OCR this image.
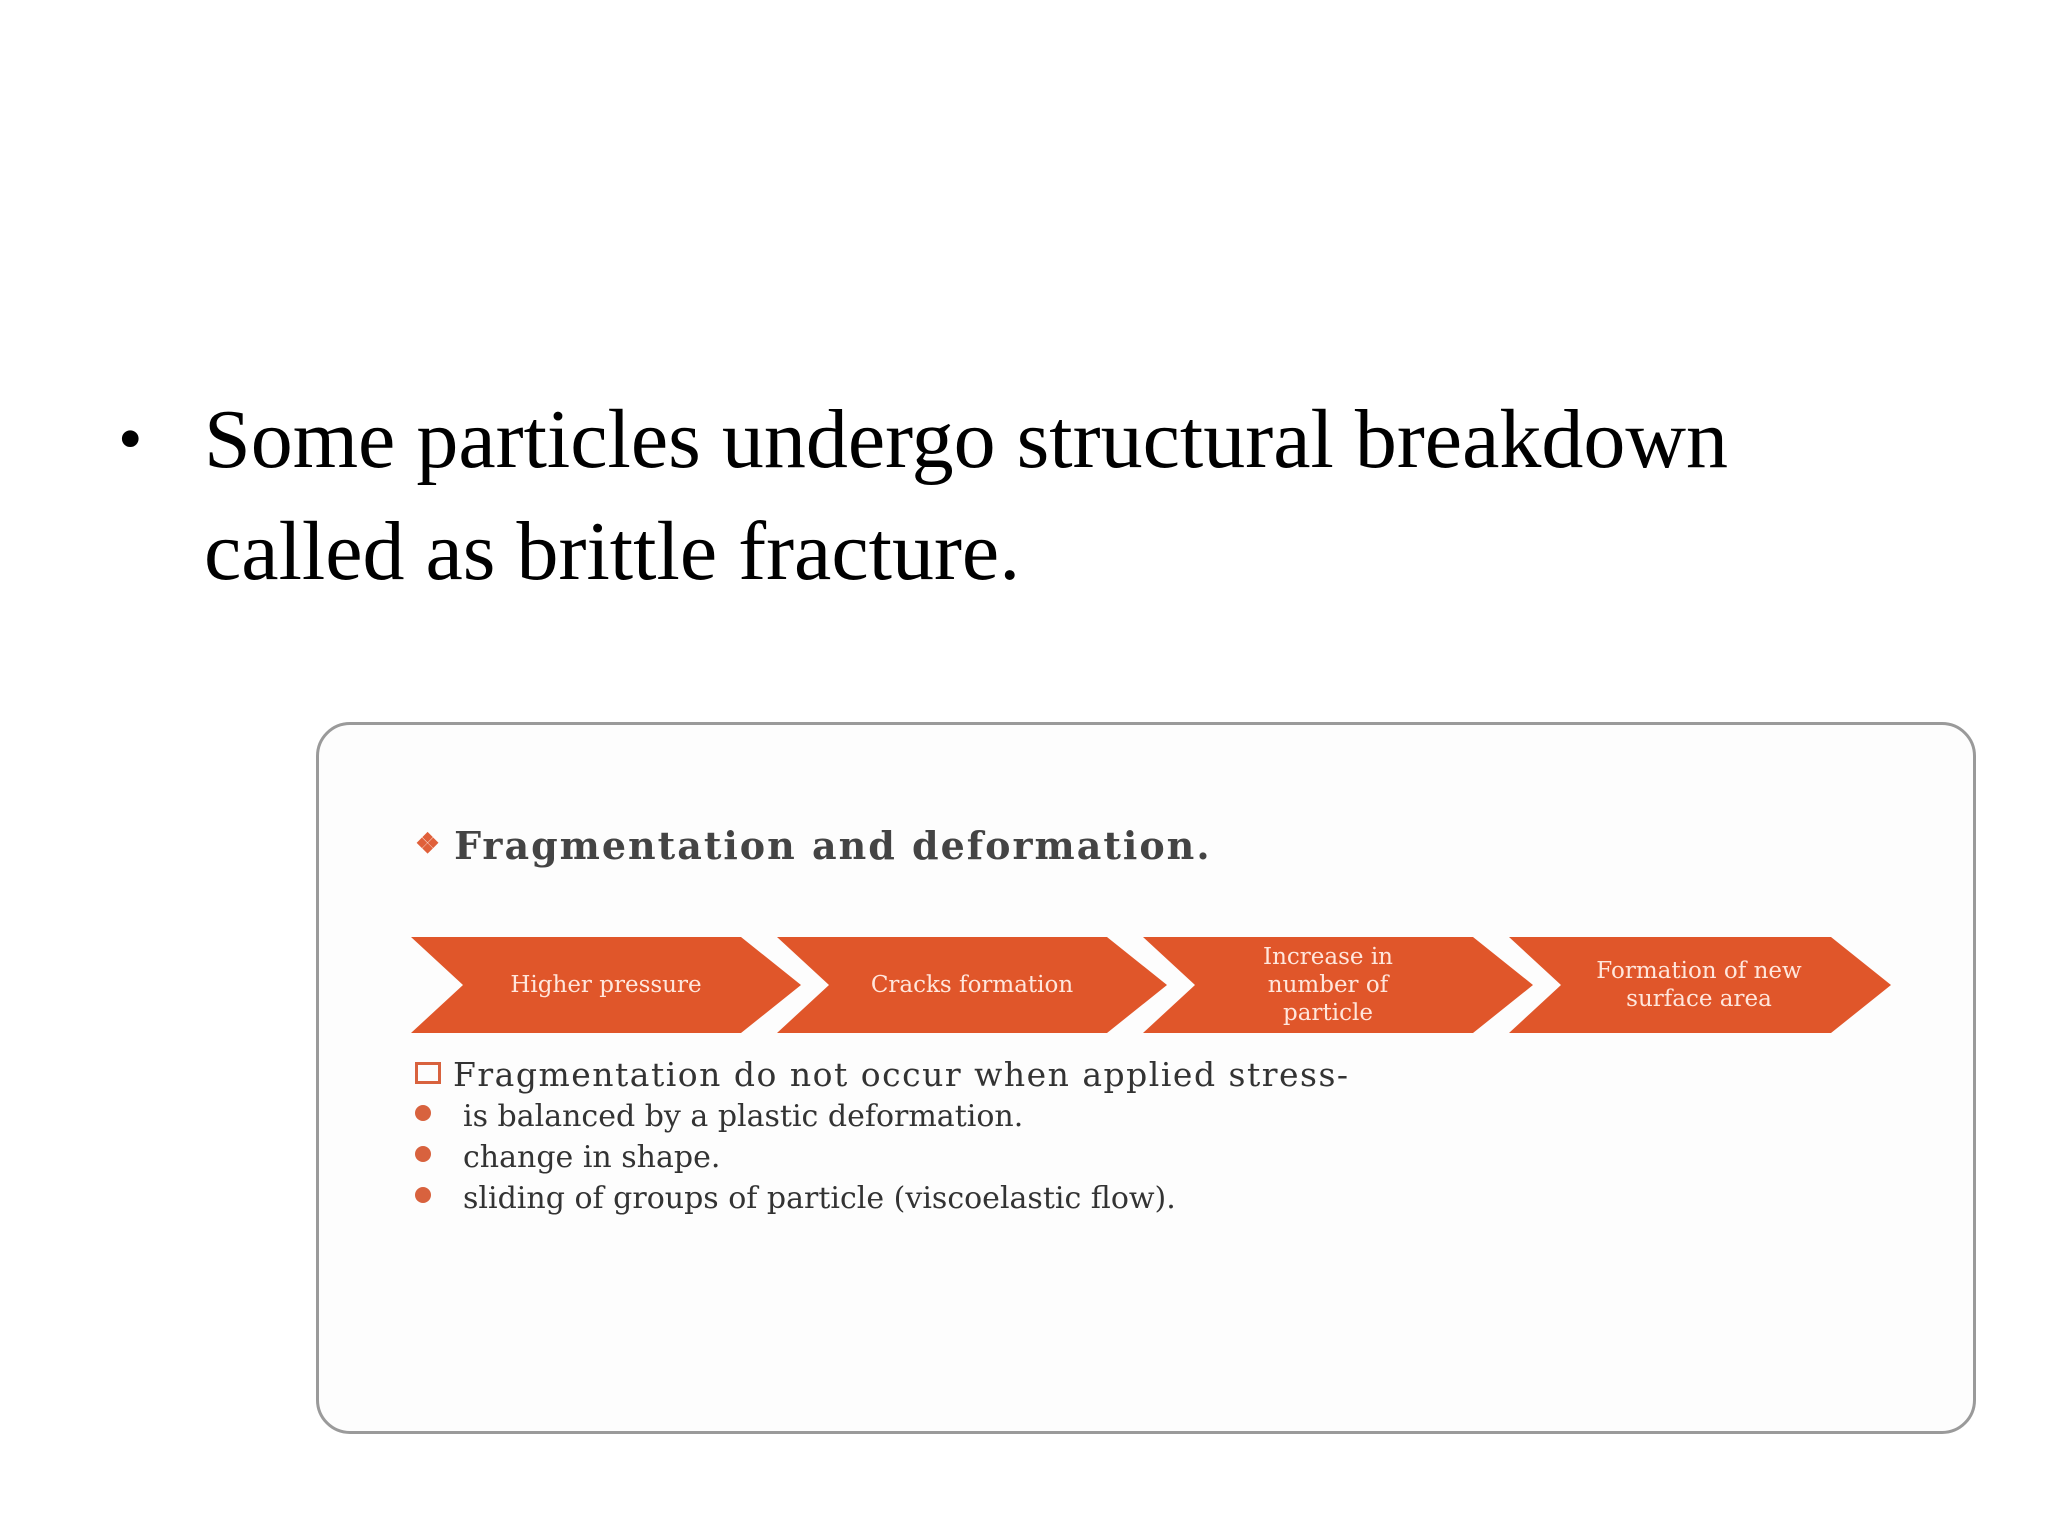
• Some particles undergo structural breakdown called as brittle fracture.
❖ Fragmentation and deformation.
Higher pressure	Cracks formation
Increase in number of particle
Formation of new surface area
Fragmentation do not occur when applied stress-
is balanced by a plastic deformation.
change in shape.
sliding of groups of particle (viscoelastic flow).
